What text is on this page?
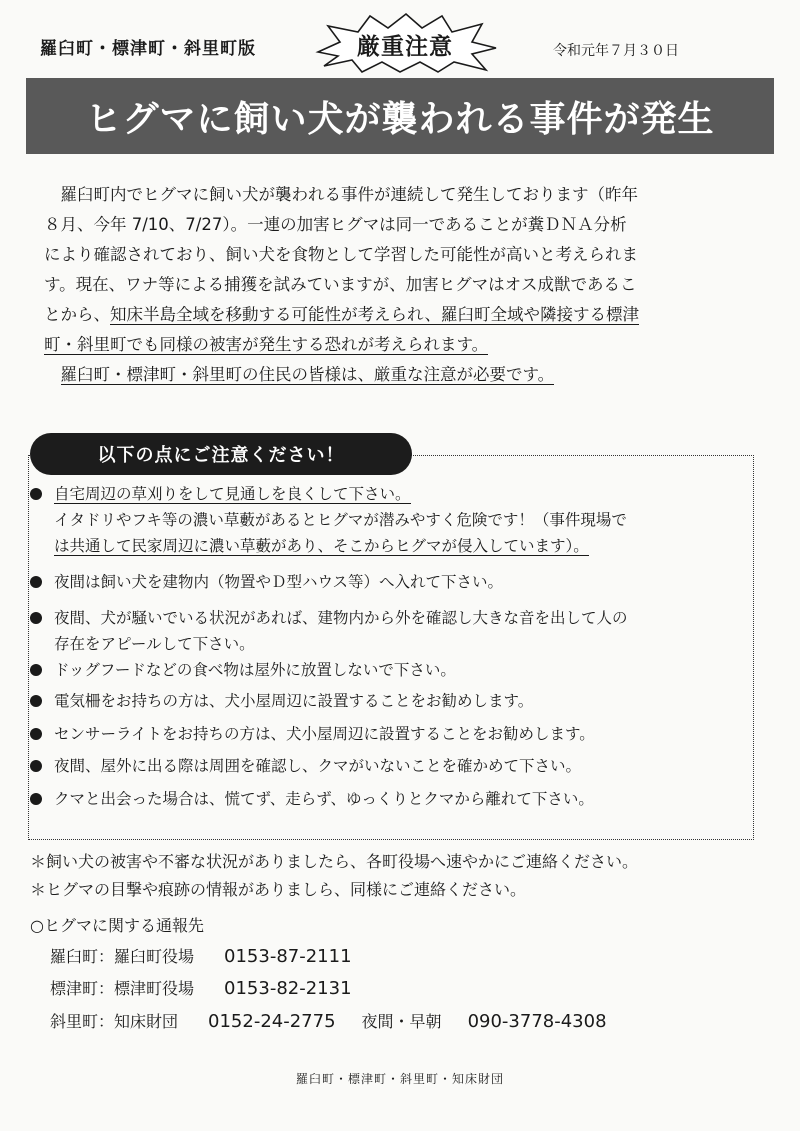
羅臼町・標津町・斜里町版	厳重注意	令和元年７月３０日
ヒグマに飼い犬が襲われる事件が発生

羅臼町内でヒグマに飼い犬が襲われる事件が連続して発生しております（昨年

８月、今年 7/10、7/27）。一連の加害ヒグマは同一であることが糞ＤＮＡ分析
により確認されており、飼い犬を食物として学習した可能性が高いと考えられま
す。現在、ワナ等による捕獲を試みていますが、加害ヒグマはオス成獣であるこ
とから、知床半島全域を移動する可能性が考えられ、羅臼町全域や隣接する標津
町・斜里町でも同様の被害が発生する恐れが考えられます。

羅臼町・標津町・斜里町の住民の皆様は、厳重な注意が必要です。

以下の点にご注意ください！
自宅周辺の草刈りをして見通しを良くして下さい。
イタドリやフキ等の濃い草藪があるとヒグマが潜みやすく危険です！（事件現場で
は共通して民家周辺に濃い草藪があり、そこからヒグマが侵入しています）。
夜間は飼い犬を建物内（物置やＤ型ハウス等）へ入れて下さい。
夜間、犬が騒いでいる状況があれば、建物内から外を確認し大きな音を出して人の
存在をアピールして下さい。
ドッグフードなどの食べ物は屋外に放置しないで下さい。
電気柵をお持ちの方は、犬小屋周辺に設置することをお勧めします。
センサーライトをお持ちの方は、犬小屋周辺に設置することをお勧めします。
夜間、屋外に出る際は周囲を確認し、クマがいないことを確かめて下さい。
クマと出会った場合は、慌てず、走らず、ゆっくりとクマから離れて下さい。
＊飼い犬の被害や不審な状況がありましたら、各町役場へ速やかにご連絡ください。
＊ヒグマの目撃や痕跡の情報がありましら、同様にご連絡ください。
○ヒグマに関する通報先
羅臼町：羅臼町役場 0153-87-2111
標津町：標津町役場 0153-82-2131
斜里町：知床財団 0152-24-2775 夜間・早朝 090-3778-4308
羅臼町・標津町・斜里町・知床財団
